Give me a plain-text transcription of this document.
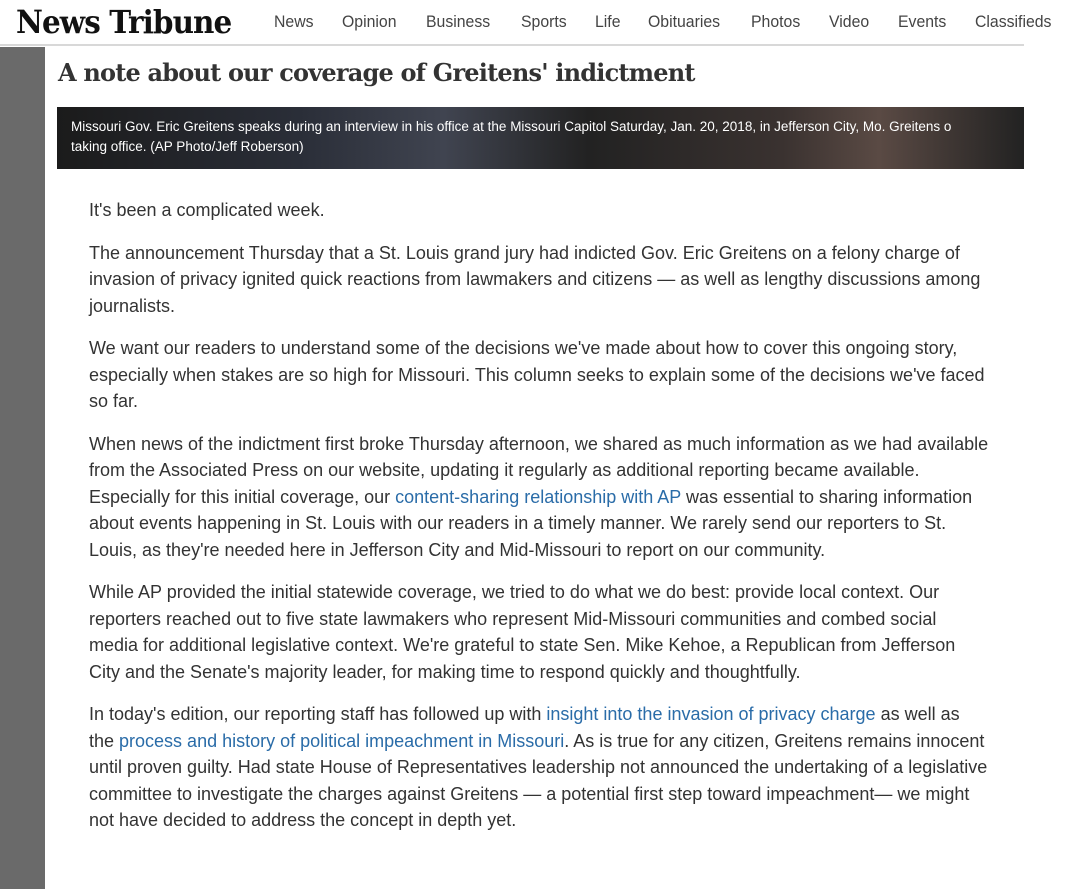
News Tribune	News Opinion Business Sports Life Obituaries Photos Video Events Classifieds
A note about our coverage of Greitens' indictment
Missouri Gov. Eric Greitens speaks during an interview in his office at the Missouri Capitol Saturday, Jan. 20, 2018, in Jefferson City, Mo. Greitens o
taking office. (AP Photo/Jeff Roberson)

It's been a complicated week.

The announcement Thursday that a St. Louis grand jury had indicted Gov. Eric Greitens on a felony charge of invasion of privacy ignited quick reactions from lawmakers and citizens — as well as lengthy discussions among journalists.

We want our readers to understand some of the decisions we've made about how to cover this ongoing story, especially when stakes are so high for Missouri. This column seeks to explain some of the decisions we've faced so far.

When news of the indictment first broke Thursday afternoon, we shared as much information as we had available from the Associated Press on our website, updating it regularly as additional reporting became available. Especially for this initial coverage, our content-sharing relationship with AP was essential to sharing information about events happening in St. Louis with our readers in a timely manner. We rarely send our reporters to St. Louis, as they're needed here in Jefferson City and Mid-Missouri to report on our community.

While AP provided the initial statewide coverage, we tried to do what we do best: provide local context. Our reporters reached out to five state lawmakers who represent Mid-Missouri communities and combed social media for additional legislative context. We're grateful to state Sen. Mike Kehoe, a Republican from Jefferson City and the Senate's majority leader, for making time to respond quickly and thoughtfully.

In today's edition, our reporting staff has followed up with insight into the invasion of privacy charge as well as the process and history of political impeachment in Missouri. As is true for any citizen, Greitens remains innocent until proven guilty. Had state House of Representatives leadership not announced the undertaking of a legislative committee to investigate the charges against Greitens — a potential first step toward impeachment— we might not have decided to address the concept in depth yet.
